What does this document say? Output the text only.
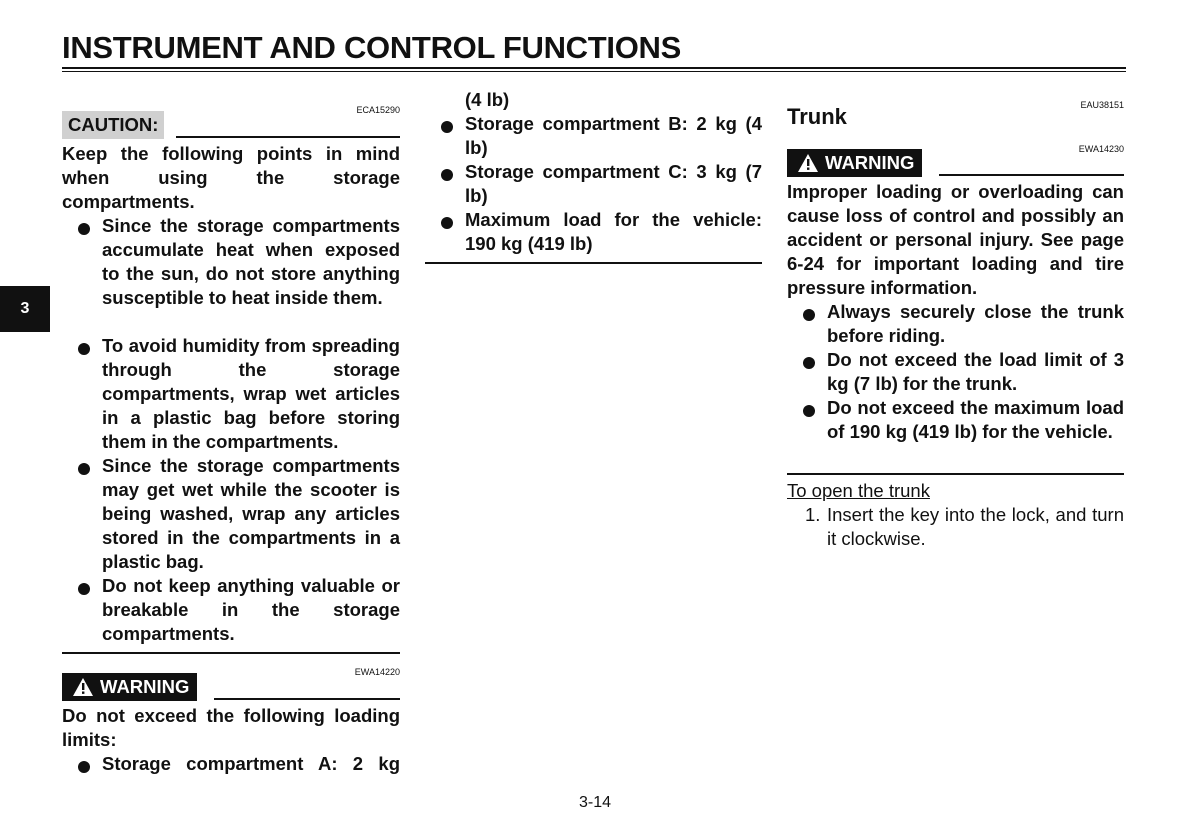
INSTRUMENT AND CONTROL FUNCTIONS
3
ECA15290
CAUTION:
Keep the following points in mind when using the storage compartments.
Since the storage compartments accumulate heat when exposed to the sun, do not store anything susceptible to heat inside them.
To avoid humidity from spreading through the storage compartments, wrap wet articles in a plastic bag before storing them in the compartments.
Since the storage compartments may get wet while the scooter is being washed, wrap any articles stored in the compartments in a plastic bag.
Do not keep anything valuable or breakable in the storage compartments.
EWA14220
WARNING
Do not exceed the following loading limits:
Storage compartment A: 2 kg
(4 lb)
Storage compartment B: 2 kg (4 lb)
Storage compartment C: 3 kg (7 lb)
Maximum load for the vehicle: 190 kg (419 lb)
EAU38151
Trunk
EWA14230
WARNING
Improper loading or overloading can cause loss of control and possibly an accident or personal injury. See page 6-24 for important loading and tire pressure information.
Always securely close the trunk before riding.
Do not exceed the load limit of 3 kg (7 lb) for the trunk.
Do not exceed the maximum load of 190 kg (419 lb) for the vehicle.
To open the trunk
1. Insert the key into the lock, and turn it clockwise.
3-14
